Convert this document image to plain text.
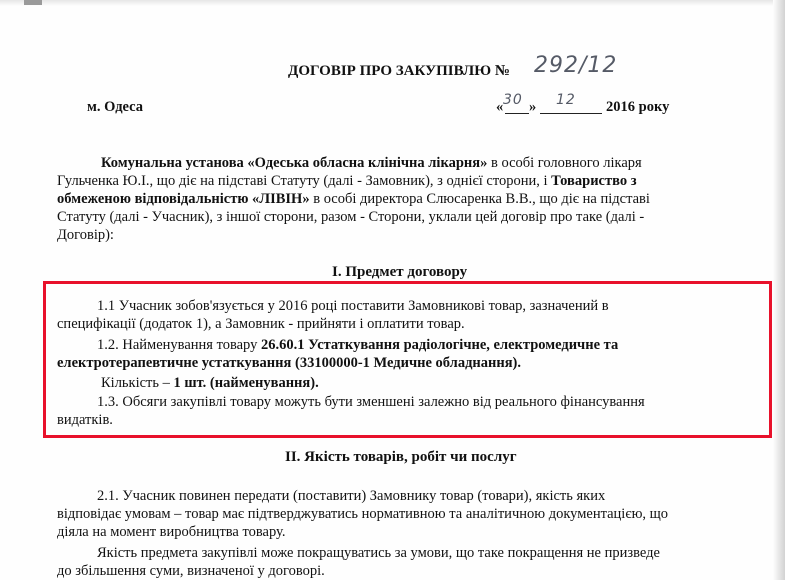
ДОГОВІР ПРО ЗАКУПІВЛЮ № 292/12
м. Одеса	« 30 » 12 2016 року
Комунальна установа «Одеська обласна клінічна лікарня» в особі головного лікаря
Гульченка Ю.І., що діє на підставі Статуту (далі - Замовник), з однієї сторони, і Товариство з
обмеженою відповідальністю «ЛІВІН» в особі директора Слюсаренка В.В., що діє на підставі
Статуту (далі - Учасник), з іншої сторони, разом - Сторони, уклали цей договір про таке (далі -
Договір):
І. Предмет договору
1.1 Учасник зобов'язується у 2016 році поставити Замовникові товар, зазначений в
специфікації (додаток 1), а Замовник - прийняти і оплатити товар.
1.2. Найменування товару 26.60.1 Устаткування радіологічне, електромедичне та
електротерапевтичне устаткування (33100000-1 Медичне обладнання).
Кількість – 1 шт. (найменування).
1.3. Обсяги закупівлі товару можуть бути зменшені залежно від реального фінансування
видатків.
ІІ. Якість товарів, робіт чи послуг
2.1. Учасник повинен передати (поставити) Замовнику товар (товари), якість яких
відповідає умовам – товар має підтверджуватись нормативною та аналітичною документацією, що
діяла на момент виробництва товару.
Якість предмета закупівлі може покращуватись за умови, що таке покращення не призведе
до збільшення суми, визначеної у договорі.
